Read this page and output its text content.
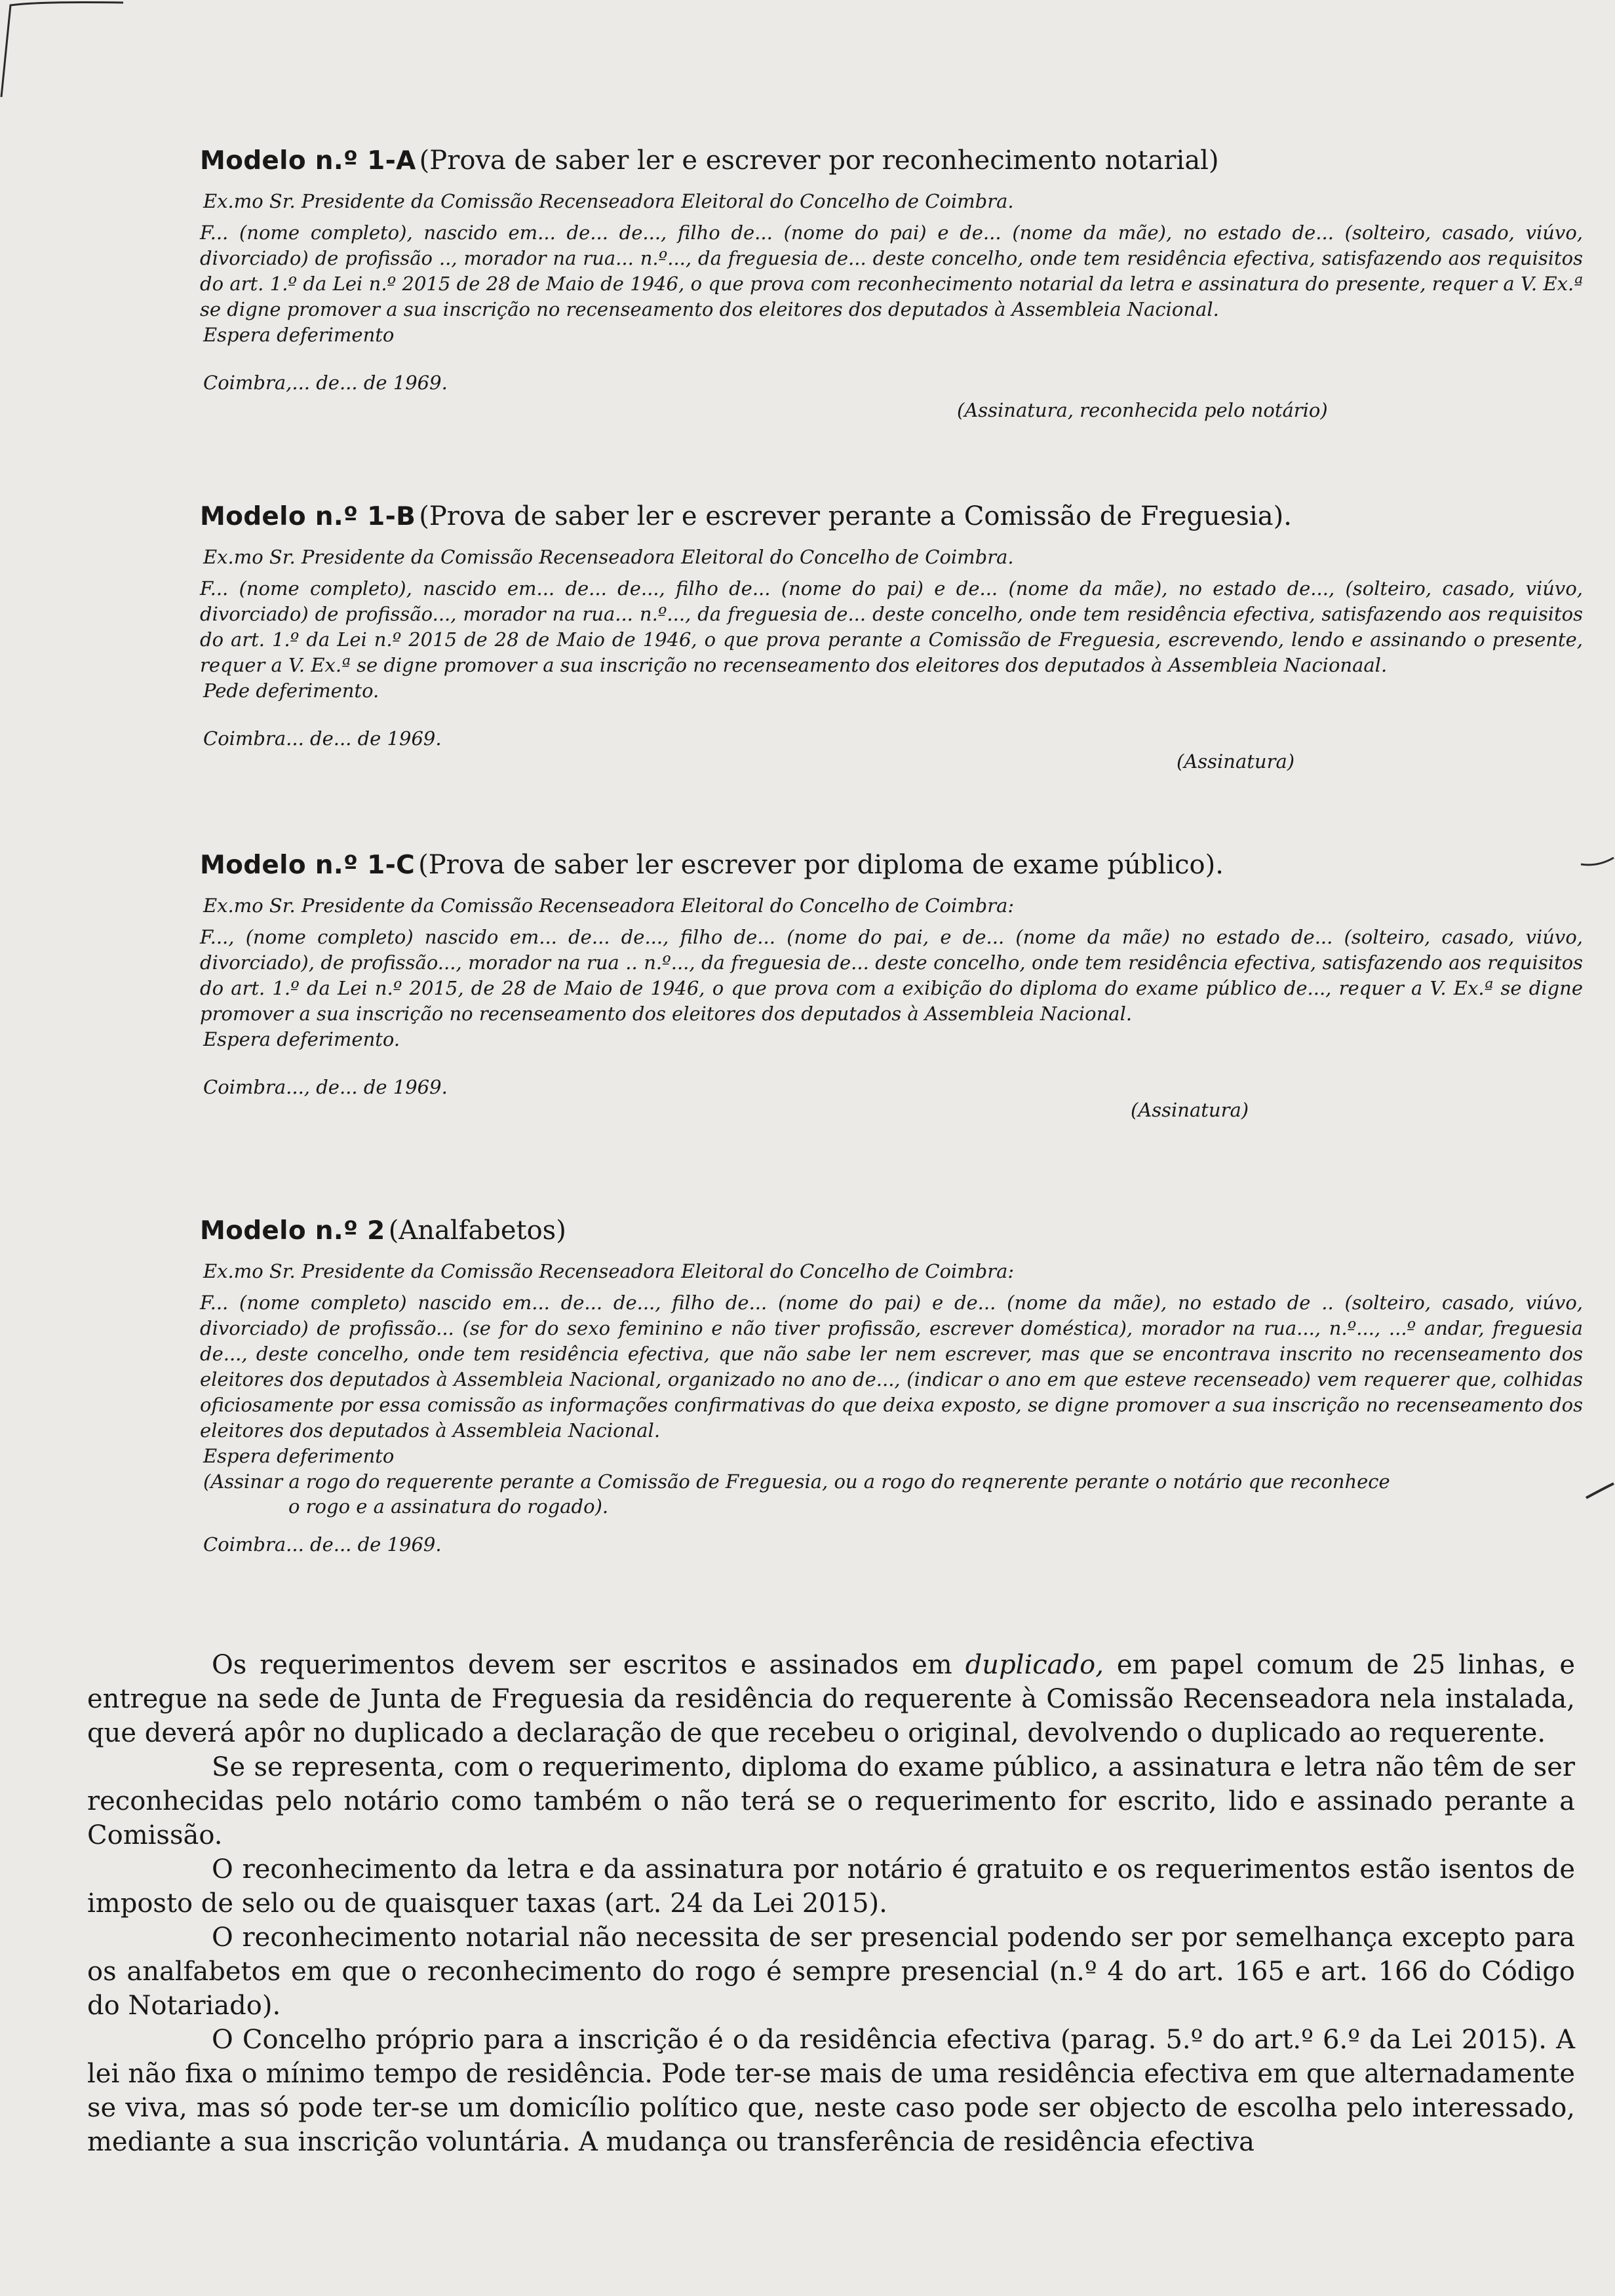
Modelo n.º 1-A (Prova de saber ler e escrever por reconhecimento notarial)
Ex.mo Sr. Presidente da Comissão Recenseadora Eleitoral do Concelho de Coimbra.
F... (nome completo), nascido em... de... de..., filho de... (nome do pai) e de... (nome da mãe), no estado de... (solteiro, casado, viúvo, divorciado) de profissão .., morador na rua... n.º..., da freguesia de... deste concelho, onde tem residência efectiva, satisfazendo aos requisitos do art. 1.º da Lei n.º 2015 de 28 de Maio de 1946, o que prova com reconhecimento notarial da letra e assinatura do presente, requer a V. Ex.ª se digne promover a sua inscrição no recenseamento dos eleitores dos deputados à Assembleia Nacional.
Espera deferimento
(Assinatura, reconhecida pelo notário)
Coimbra,... de... de 1969.
Modelo n.º 1-B (Prova de saber ler e escrever perante a Comissão de Freguesia).
Ex.mo Sr. Presidente da Comissão Recenseadora Eleitoral do Concelho de Coimbra.
F... (nome completo), nascido em... de... de..., filho de... (nome do pai) e de... (nome da mãe), no estado de..., (solteiro, casado, viúvo, divorciado) de profissão..., morador na rua... n.º..., da freguesia de... deste concelho, onde tem residência efectiva, satisfazendo aos requisitos do art. 1.º da Lei n.º 2015 de 28 de Maio de 1946, o que prova perante a Comissão de Freguesia, escrevendo, lendo e assinando o presente, requer a V. Ex.ª se digne promover a sua inscrição no recenseamento dos eleitores dos deputados à Assembleia Nacionaal.
Pede deferimento.
(Assinatura)
Coimbra... de... de 1969.
Modelo n.º 1-C (Prova de saber ler escrever por diploma de exame público).
Ex.mo Sr. Presidente da Comissão Recenseadora Eleitoral do Concelho de Coimbra:
F..., (nome completo) nascido em... de... de..., filho de... (nome do pai, e de... (nome da mãe) no estado de... (solteiro, casado, viúvo, divorciado), de profissão..., morador na rua .. n.º..., da freguesia de... deste concelho, onde tem residência efectiva, satisfazendo aos requisitos do art. 1.º da Lei n.º 2015, de 28 de Maio de 1946, o que prova com a exibição do diploma do exame público de..., requer a V. Ex.ª se digne promover a sua inscrição no recenseamento dos eleitores dos deputados à Assembleia Nacional.
Espera deferimento.
(Assinatura)
Coimbra..., de... de 1969.
Modelo n.º 2 (Analfabetos)
Ex.mo Sr. Presidente da Comissão Recenseadora Eleitoral do Concelho de Coimbra:
F... (nome completo) nascido em... de... de..., filho de... (nome do pai) e de... (nome da mãe), no estado de .. (solteiro, casado, viúvo, divorciado) de profissão... (se for do sexo feminino e não tiver profissão, escrever doméstica), morador na rua..., n.º..., ...º andar, freguesia de..., deste concelho, onde tem residência efectiva, que não sabe ler nem escrever, mas que se encontrava inscrito no recenseamento dos eleitores dos deputados à Assembleia Nacional, organizado no ano de..., (indicar o ano em que esteve recenseado) vem requerer que, colhidas oficiosamente por essa comissão as informações confirmativas do que deixa exposto, se digne promover a sua inscrição no recenseamento dos eleitores dos deputados à Assembleia Nacional.
Espera deferimento
(Assinar a rogo do requerente perante a Comissão de Freguesia, ou a rogo do reqnerente perante o notário que reconhece
o rogo e a assinatura do rogado).
Coimbra... de... de 1969.

Os requerimentos devem ser escritos e assinados em duplicado, em papel comum de 25 linhas, e entregue na sede de Junta de Freguesia da residência do requerente à Comissão Recenseadora nela instalada, que deverá apôr no duplicado a declaração de que recebeu o original, devolvendo o duplicado ao requerente.

Se se representa, com o requerimento, diploma do exame público, a assinatura e letra não têm de ser reconhecidas pelo notário como também o não terá se o requerimento for escrito, lido e assinado perante a Comissão.

O reconhecimento da letra e da assinatura por notário é gratuito e os requerimentos estão isentos de imposto de selo ou de quaisquer taxas (art. 24 da Lei 2015).

O reconhecimento notarial não necessita de ser presencial podendo ser por semelhança excepto para os analfabetos em que o reconhecimento do rogo é sempre presencial (n.º 4 do art. 165 e art. 166 do Código do Notariado).

O Concelho próprio para a inscrição é o da residência efectiva (parag. 5.º do art.º 6.º da Lei 2015). A lei não fixa o mínimo tempo de residência. Pode ter-se mais de uma residência efectiva em que alternadamente se viva, mas só pode ter-se um domicílio político que, neste caso pode ser objecto de escolha pelo interessado, mediante a sua inscrição voluntária. A mudança ou transferência de residência efectiva
